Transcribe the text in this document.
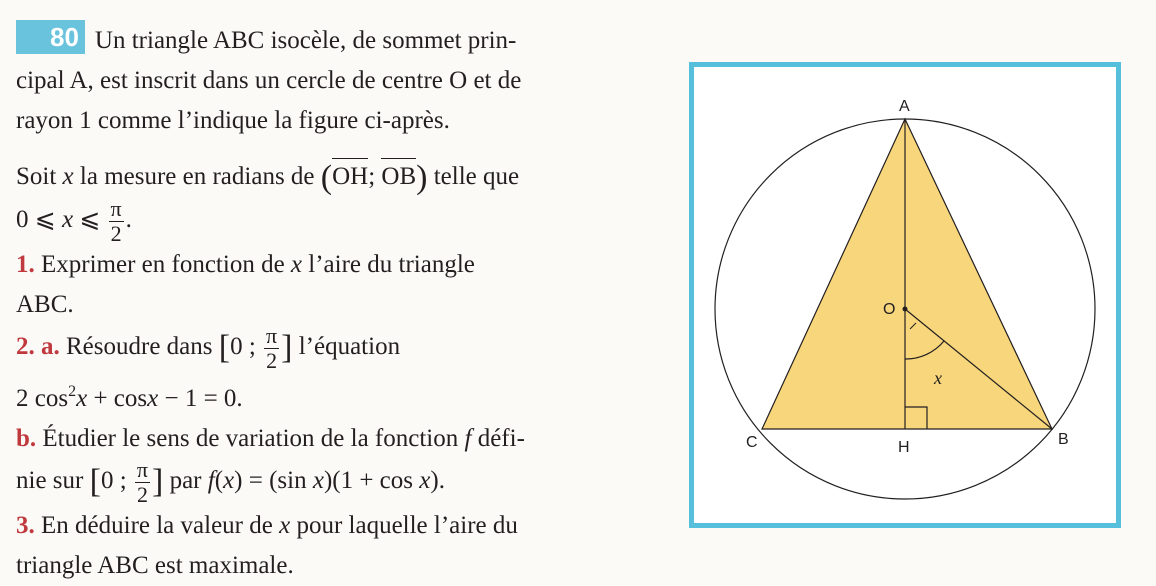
80 Un triangle ABC isocèle, de sommet prin-
cipal A, est inscrit dans un cercle de centre O et de
rayon 1 comme l’indique la figure ci-après.

Soit x la mesure en radians de (OH; OB) telle que
0 ⩽ x ⩽ $\frac{\pi}{2}$ .

1. Exprimer en fonction de x l’aire du triangle
ABC.

2. a. Résoudre dans [0 ; $\frac{\pi}{2}$ ] l’équation
2 $\cos^2x + \cos x - 1 = 0$.

b. Étudier le sens de variation de la fonction f défi-
nie sur [0 ; $\frac{\pi}{2}$ ] par f(x) = (sin x)(1 + cos x).

3. En déduire la valeur de x pour laquelle l’aire du
triangle ABC est maximale.

A
B
C	H
O
x
